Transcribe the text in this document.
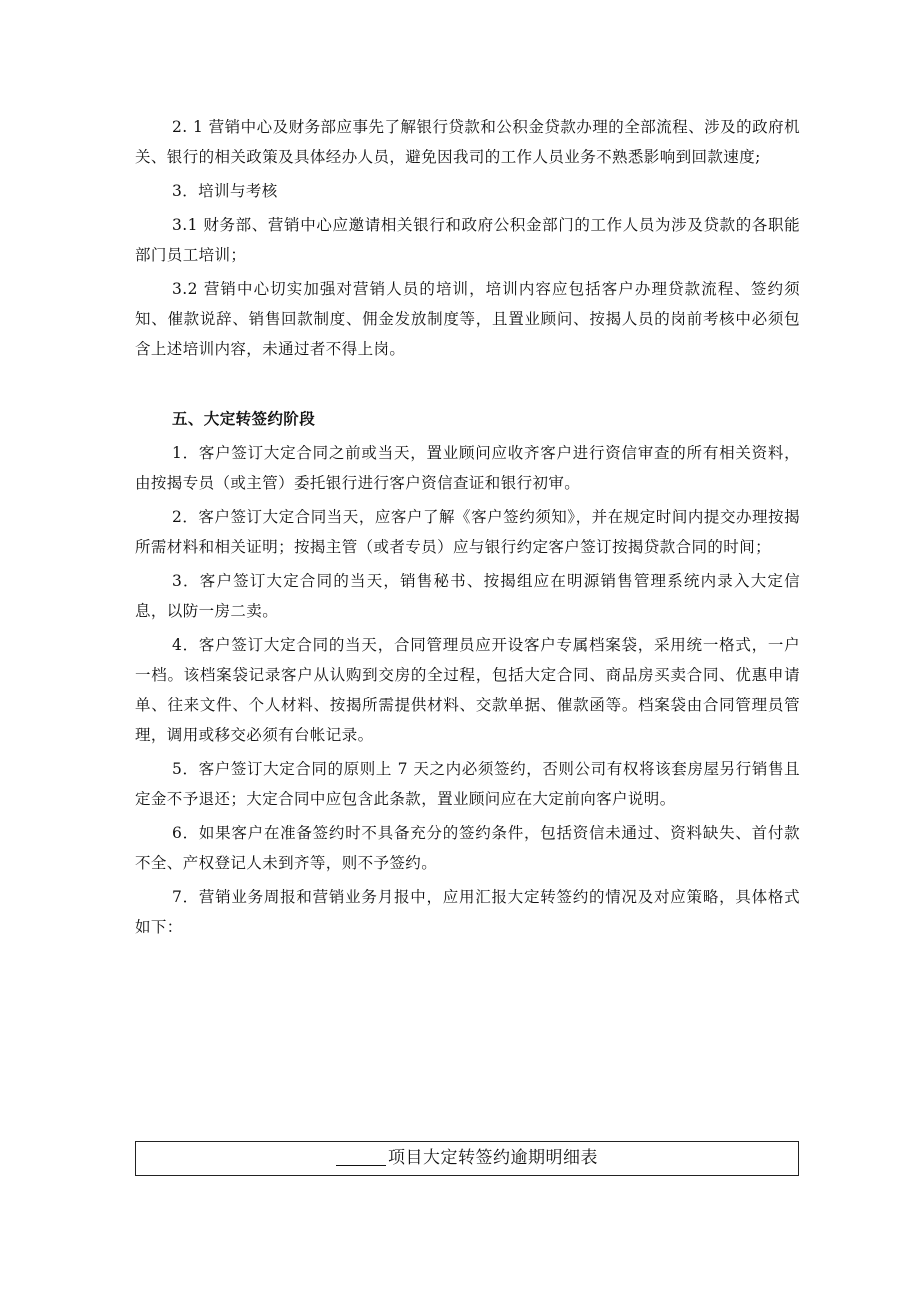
2. 1 营销中心及财务部应事先了解银行贷款和公积金贷款办理的全部流程、涉及的政府机关、银行的相关政策及具体经办人员，避免因我司的工作人员业务不熟悉影响到回款速度;

3．培训与考核

3.1 财务部、营销中心应邀请相关银行和政府公积金部门的工作人员为涉及贷款的各职能部门员工培训；

3.2 营销中心切实加强对营销人员的培训，培训内容应包括客户办理贷款流程、签约须知、催款说辞、销售回款制度、佣金发放制度等，且置业顾问、按揭人员的岗前考核中必须包含上述培训内容，未通过者不得上岗。

五、大定转签约阶段

1．客户签订大定合同之前或当天，置业顾问应收齐客户进行资信审查的所有相关资料，由按揭专员（或主管）委托银行进行客户资信查证和银行初审。

2．客户签订大定合同当天，应客户了解《客户签约须知》，并在规定时间内提交办理按揭所需材料和相关证明；按揭主管（或者专员）应与银行约定客户签订按揭贷款合同的时间；

3．客户签订大定合同的当天，销售秘书、按揭组应在明源销售管理系统内录入大定信息，以防一房二卖。

4．客户签订大定合同的当天，合同管理员应开设客户专属档案袋，采用统一格式，一户一档。该档案袋记录客户从认购到交房的全过程，包括大定合同、商品房买卖合同、优惠申请单、往来文件、个人材料、按揭所需提供材料、交款单据、催款函等。档案袋由合同管理员管理，调用或移交必须有台帐记录。

5．客户签订大定合同的原则上 7 天之内必须签约，否则公司有权将该套房屋另行销售且定金不予退还；大定合同中应包含此条款，置业顾问应在大定前向客户说明。

6．如果客户在准备签约时不具备充分的签约条件，包括资信未通过、资料缺失、首付款不全、产权登记人未到齐等，则不予签约。

7．营销业务周报和营销业务月报中，应用汇报大定转签约的情况及对应策略，具体格式如下：

项目大定转签约逾期明细表
